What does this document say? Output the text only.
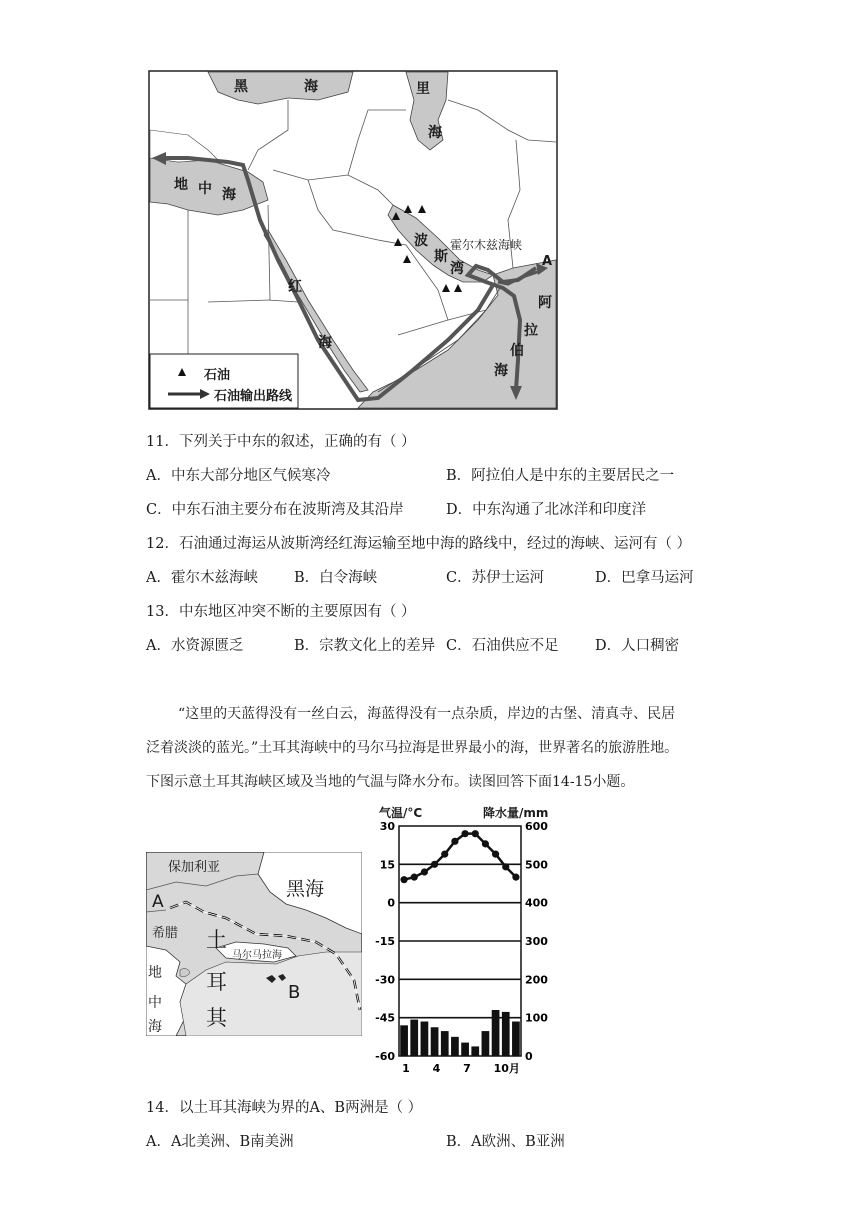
黑	海	里
海
地 中 海
波
斯
湾
霍尔木兹海峡
红
海
阿
拉
伯
海
A
石油
石油输出路线
11．下列关于中东的叙述，正确的有（ ）
A．中东大部分地区气候寒冷	B．阿拉伯人是中东的主要居民之一
C．中东石油主要分布在波斯湾及其沿岸	D．中东沟通了北冰洋和印度洋
12．石油通过海运从波斯湾经红海运输至地中海的路线中，经过的海峡、运河有（ ）
A．霍尔木兹海峡 B．白令海峡	C．苏伊士运河	D．巴拿马运河
13．中东地区冲突不断的主要原因有（ ）
A．水资源匮乏	B．宗教文化上的差异 C．石油供应不足	D．人口稠密
“这里的天蓝得没有一丝白云，海蓝得没有一点杂质，岸边的古堡、清真寺、民居
泛着淡淡的蓝光。”土耳其海峡中的马尔马拉海是世界最小的海，世界著名的旅游胜地。
下图示意土耳其海峡区域及当地的气温与降水分布。读图回答下面14-15小题。
保加利亚
黑海
A
希腊 土
耳
其
马尔马拉海
B
地
中
海
30	600
15	500
0	400
-15	300
-30	200
-45	100
-60	0
1 4 7 10月
气温/°C	降水量/mm
14．以土耳其海峡为界的A、B两洲是（ ）
A．A北美洲、B南美洲	B．A欧洲、B亚洲
